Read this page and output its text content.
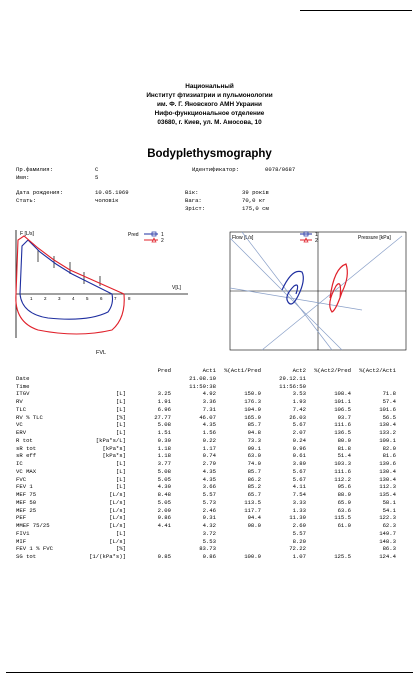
Национальный
Институт фтизиатрии и пульмонологии
им. Ф. Г. Яновского АМН Украини
Нифо-функциональное отделение
03680, г. Киев, ул. М. Амосова, 10
Bodyplethysmography
Пр.фамилия:	С
Имя:	5
Идентификатор:	0078/0687
Дата рождения:	10.05.1969
Стать:	чоловік
Вік:	39 років
Вага:	70,0 кг
Зріст:	175,0 см
F [L/s]
V[L]
1	2	3	4	5	6	7	8
Pred	1
2
FVL
Flow [L/s]	Pressure [kPa]
1
2
		Pred	Act1	%(Act1/Pred	Act2	%(Act2/Pred	%(Act2/Act1
Date			21.08.10		29.12.11		
Time			11:59:38		11:56:50		
ITGV	[L]	3.25	4.92	150.9	3.53	108.4	71.8
RV	[L]	1.91	3.36	176.3	1.93	101.1	57.4
TLC	[L]	6.96	7.31	104.9	7.42	106.5	101.6
RV % TLC	[%]	27.77	46.07	165.9	26.03	93.7	56.5
VC	[L]	5.08	4.35	85.7	5.67	111.6	130.4
ERV	[L]	1.51	1.56	94.8	2.07	136.5	133.2
R tot	[kPa*s/L]	0.30	0.22	73.3	0.24	80.0	109.1
sR tot	[kPa*s]	1.18	1.17	99.1	0.96	81.8	82.0
sR eff	[kPa*s]	1.18	0.74	63.0	0.61	51.4	81.6
IC	[L]	3.77	2.79	74.0	3.89	103.3	139.6
VC MAX	[L]	5.08	4.35	85.7	5.67	111.6	130.4
FVC	[L]	5.05	4.35	86.2	5.67	112.2	130.4
FEV 1	[L]	4.30	3.66	85.2	4.11	95.6	112.3
MEF 75	[L/s]	8.48	5.57	65.7	7.54	88.9	135.4
MEF 50	[L/s]	5.05	5.73	113.5	3.33	65.9	58.1
MEF 25	[L/s]	2.09	2.46	117.7	1.33	63.6	54.1
PEF	[L/s]	9.86	9.31	94.4	11.39	115.5	122.3
MMEF 75/25	[L/s]	4.41	4.32	98.0	2.69	61.0	62.3
FIV1	[L]		3.72		5.57		149.7
MIF	[L/s]		5.53		8.20		148.3
FEV 1 % FVC	[%]		83.73		72.22		86.3
SG tot	[1/(kPa*s)]	0.85	0.86	100.9	1.07	125.5	124.4
